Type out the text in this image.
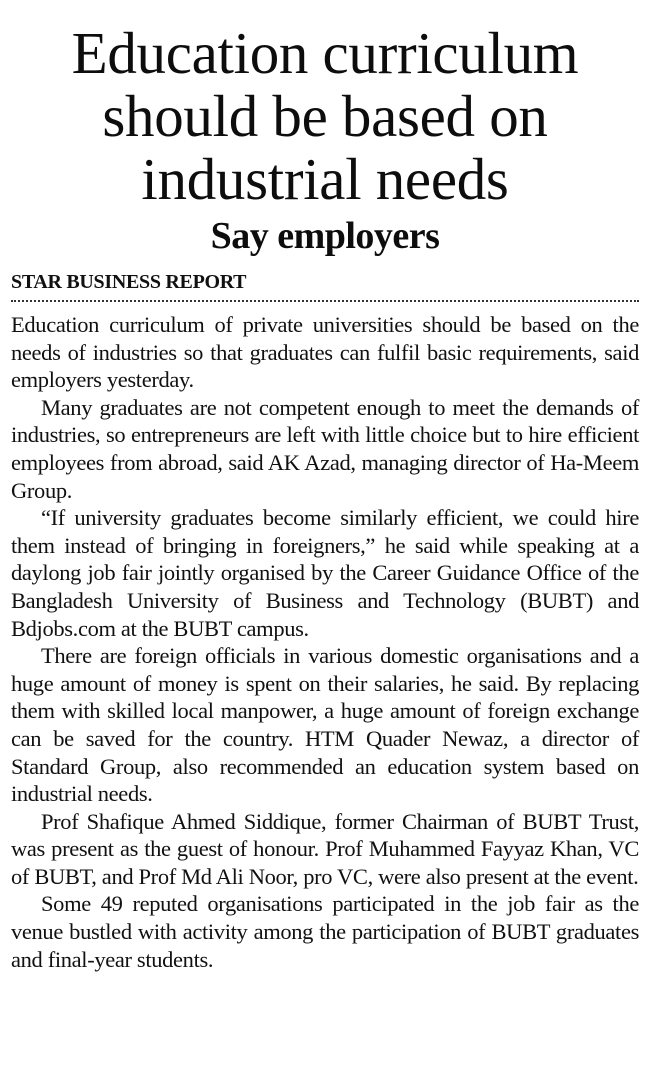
Education curriculum
should be based on
industrial needs
Say employers
STAR BUSINESS REPORT

Education curriculum of private universities should be based on the needs of industries so that graduates can fulfil basic requirements, said employers yesterday.

Many graduates are not competent enough to meet the demands of industries, so entrepreneurs are left with little choice but to hire efficient employees from abroad, said AK Azad, managing director of Ha-Meem Group.

“If university graduates become similarly efficient, we could hire them instead of bringing in foreigners,” he said while speaking at a daylong job fair jointly organised by the Career Guidance Office of the Bangladesh University of Business and Technology (BUBT) and Bdjobs.com at the BUBT campus.

There are foreign officials in various domestic organisations and a huge amount of money is spent on their salaries, he said. By replacing them with skilled local manpower, a huge amount of foreign exchange can be saved for the country. HTM Quader Newaz, a director of Standard Group, also recommended an education system based on industrial needs.

Prof Shafique Ahmed Siddique, former Chairman of BUBT Trust, was present as the guest of honour. Prof Muhammed Fayyaz Khan, VC of BUBT, and Prof Md Ali Noor, pro VC, were also present at the event.

Some 49 reputed organisations participated in the job fair as the venue bustled with activity among the participation of BUBT graduates and final-year students.
